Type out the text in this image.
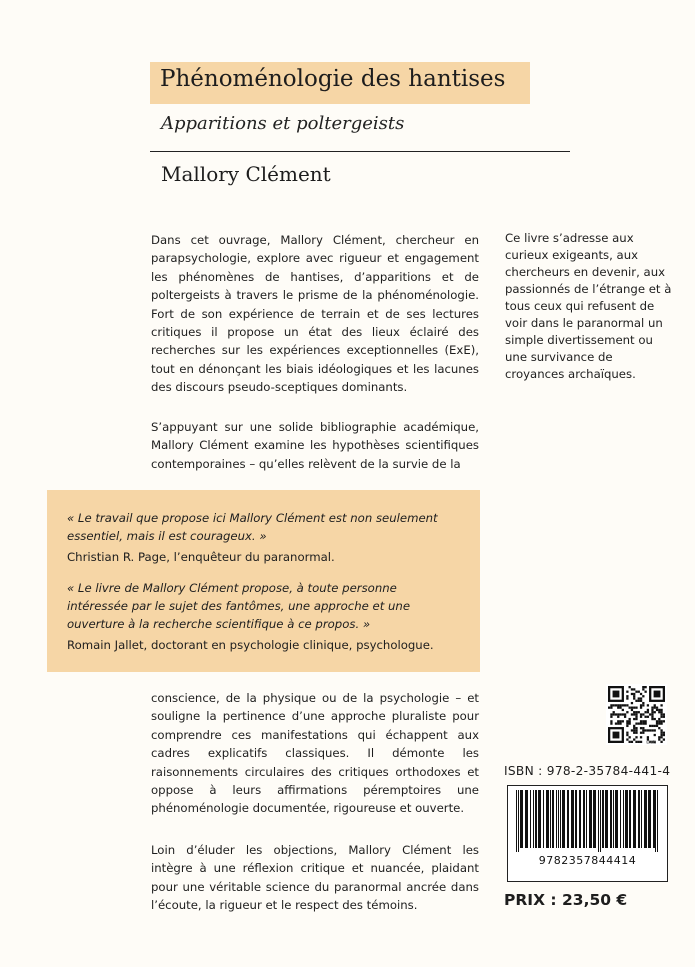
Phénoménologie des hantises
Apparitions et poltergeists
Mallory Clément

Dans cet ouvrage, Mallory Clément, chercheur en parapsychologie, explore avec rigueur et engagement les phénomènes de hantises, d’apparitions et de poltergeists à travers le prisme de la phénoménologie. Fort de son expérience de terrain et de ses lectures critiques il propose un état des lieux éclairé des recherches sur les expériences exceptionnelles (ExE), tout en dénonçant les biais idéologiques et les lacunes des discours pseudo-sceptiques dominants.

S’appuyant sur une solide bibliographie académique, Mallory Clément examine les hypothèses scientifiques contemporaines – qu’elles relèvent de la survie de la

Ce livre s’adresse aux curieux exigeants, aux chercheurs en devenir, aux passionnés de l’étrange et à tous ceux qui refusent de voir dans le paranormal un simple divertissement ou une survivance de croyances archaïques.

« Le travail que propose ici Mallory Clément est non seulement essentiel, mais il est courageux. »

Christian R. Page, l’enquêteur du paranormal.

« Le livre de Mallory Clément propose, à toute personne intéressée par le sujet des fantômes, une approche et une ouverture à la recherche scientifique à ce propos. »

Romain Jallet, doctorant en psychologie clinique, psychologue.

conscience, de la physique ou de la psychologie – et souligne la pertinence d’une approche pluraliste pour comprendre ces manifestations qui échappent aux cadres explicatifs classiques. Il démonte les raisonnements circulaires des critiques orthodoxes et oppose à leurs affirmations péremptoires une phénoménologie documentée, rigoureuse et ouverte.

Loin d’éluder les objections, Mallory Clément les intègre à une réflexion critique et nuancée, plaidant pour une véritable science du paranormal ancrée dans l’écoute, la rigueur et le respect des témoins.

web
ISBN : 978-2-35784-441-4
9782357844414
PRIX : 23,50 €
